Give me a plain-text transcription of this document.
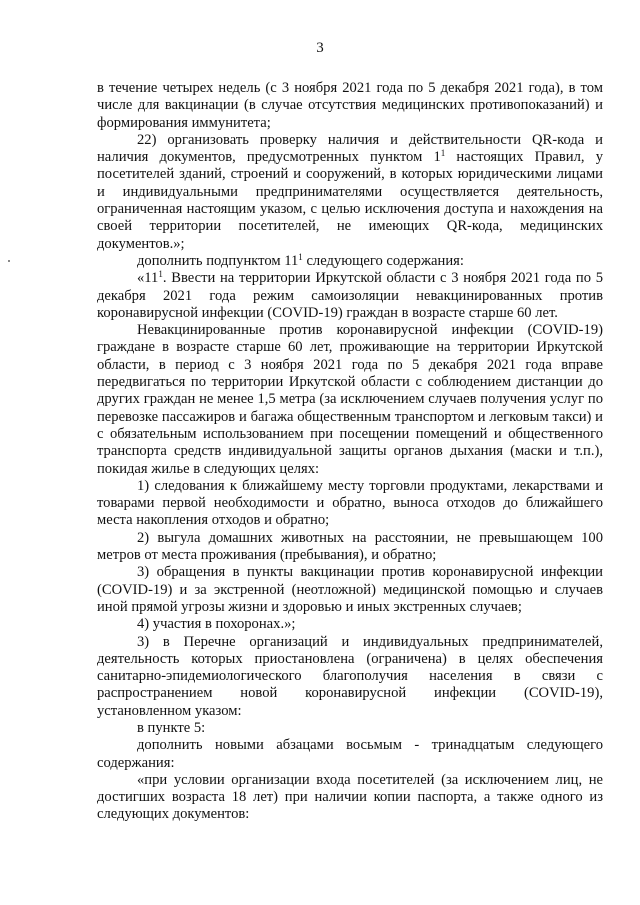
3

в течение четырех недель (с 3 ноября 2021 года по 5 декабря 2021 года), в том числе для вакцинации (в случае отсутствия медицинских противопоказаний) и формирования иммунитета;

22) организовать проверку наличия и действительности QR-кода и наличия документов, предусмотренных пунктом $1^1$ настоящих Правил, у посетителей зданий, строений и сооружений, в которых юридическими лицами и индивидуальными предпринимателями осуществляется деятельность, ограниченная настоящим указом, с целью исключения доступа и нахождения на своей территории посетителей, не имеющих QR-кода, медицинских документов.»;

дополнить подпунктом $11^1$ следующего содержания:

«$11^1$. Ввести на территории Иркутской области с 3 ноября 2021 года по 5 декабря 2021 года режим самоизоляции невакцинированных против коронавирусной инфекции (COVID-19) граждан в возрасте старше 60 лет.

Невакцинированные против коронавирусной инфекции (COVID-19) граждане в возрасте старше 60 лет, проживающие на территории Иркутской области, в период с 3 ноября 2021 года по 5 декабря 2021 года вправе передвигаться по территории Иркутской области с соблюдением дистанции до других граждан не менее 1,5 метра (за исключением случаев получения услуг по перевозке пассажиров и багажа общественным транспортом и легковым такси) и с обязательным использованием при посещении помещений и общественного транспорта средств индивидуальной защиты органов дыхания (маски и т.п.), покидая жилье в следующих целях:

1) следования к ближайшему месту торговли продуктами, лекарствами и товарами первой необходимости и обратно, выноса отходов до ближайшего места накопления отходов и обратно;

2) выгула домашних животных на расстоянии, не превышающем 100 метров от места проживания (пребывания), и обратно;

3) обращения в пункты вакцинации против коронавирусной инфекции (COVID-19) и за экстренной (неотложной) медицинской помощью и случаев иной прямой угрозы жизни и здоровью и иных экстренных случаев;

4) участия в похоронах.»;

3) в Перечне организаций и индивидуальных предпринимателей, деятельность которых приостановлена (ограничена) в целях обеспечения санитарно-эпидемиологического благополучия населения в связи с распространением новой коронавирусной инфекции (COVID-19), установленном указом:

в пункте 5:

дополнить новыми абзацами восьмым - тринадцатым следующего содержания:

«при условии организации входа посетителей (за исключением лиц, не достигших возраста 18 лет) при наличии копии паспорта, а также одного из следующих документов:
